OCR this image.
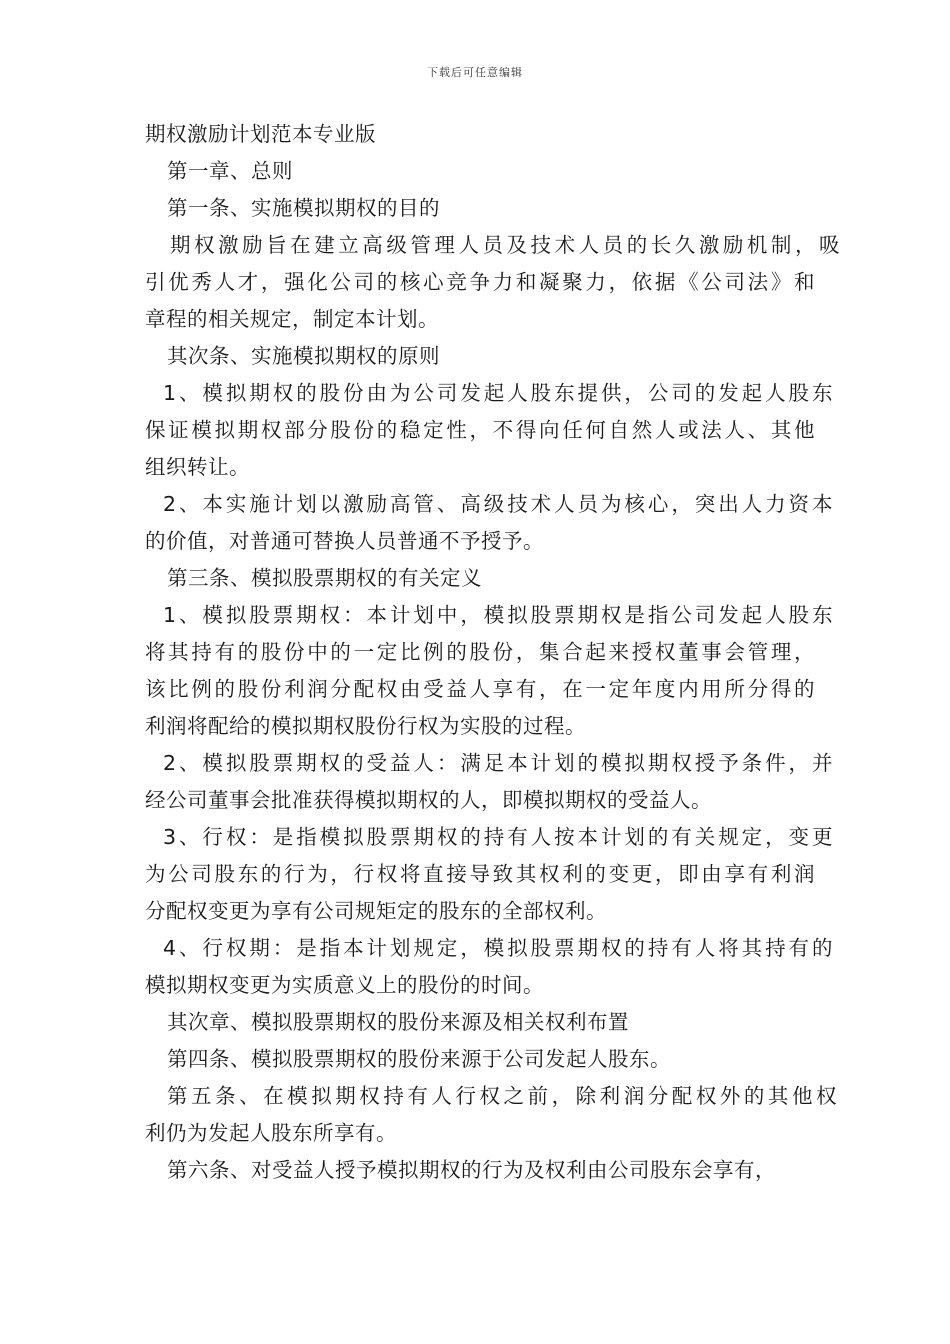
下载后可任意编辑
期权激励计划范本专业版
第一章、总则
第一条、实施模拟期权的目的
期权激励旨在建立高级管理人员及技术人员的长久激励机制，吸
引优秀人才，强化公司的核心竞争力和凝聚力，依据《公司法》和
章程的相关规定，制定本计划。
其次条、实施模拟期权的原则
1、模拟期权的股份由为公司发起人股东提供，公司的发起人股东
保证模拟期权部分股份的稳定性，不得向任何自然人或法人、其他
组织转让。
2、本实施计划以激励高管、高级技术人员为核心，突出人力资本
的价值，对普通可替换人员普通不予授予。
第三条、模拟股票期权的有关定义
1、模拟股票期权：本计划中，模拟股票期权是指公司发起人股东
将其持有的股份中的一定比例的股份，集合起来授权董事会管理，
该比例的股份利润分配权由受益人享有，在一定年度内用所分得的
利润将配给的模拟期权股份行权为实股的过程。
2、模拟股票期权的受益人：满足本计划的模拟期权授予条件，并
经公司董事会批准获得模拟期权的人，即模拟期权的受益人。
3、行权：是指模拟股票期权的持有人按本计划的有关规定，变更
为公司股东的行为，行权将直接导致其权利的变更，即由享有利润
分配权变更为享有公司规矩定的股东的全部权利。
4、行权期：是指本计划规定，模拟股票期权的持有人将其持有的
模拟期权变更为实质意义上的股份的时间。
其次章、模拟股票期权的股份来源及相关权利布置
第四条、模拟股票期权的股份来源于公司发起人股东。
第五条、在模拟期权持有人行权之前，除利润分配权外的其他权
利仍为发起人股东所享有。
第六条、对受益人授予模拟期权的行为及权利由公司股东会享有，
